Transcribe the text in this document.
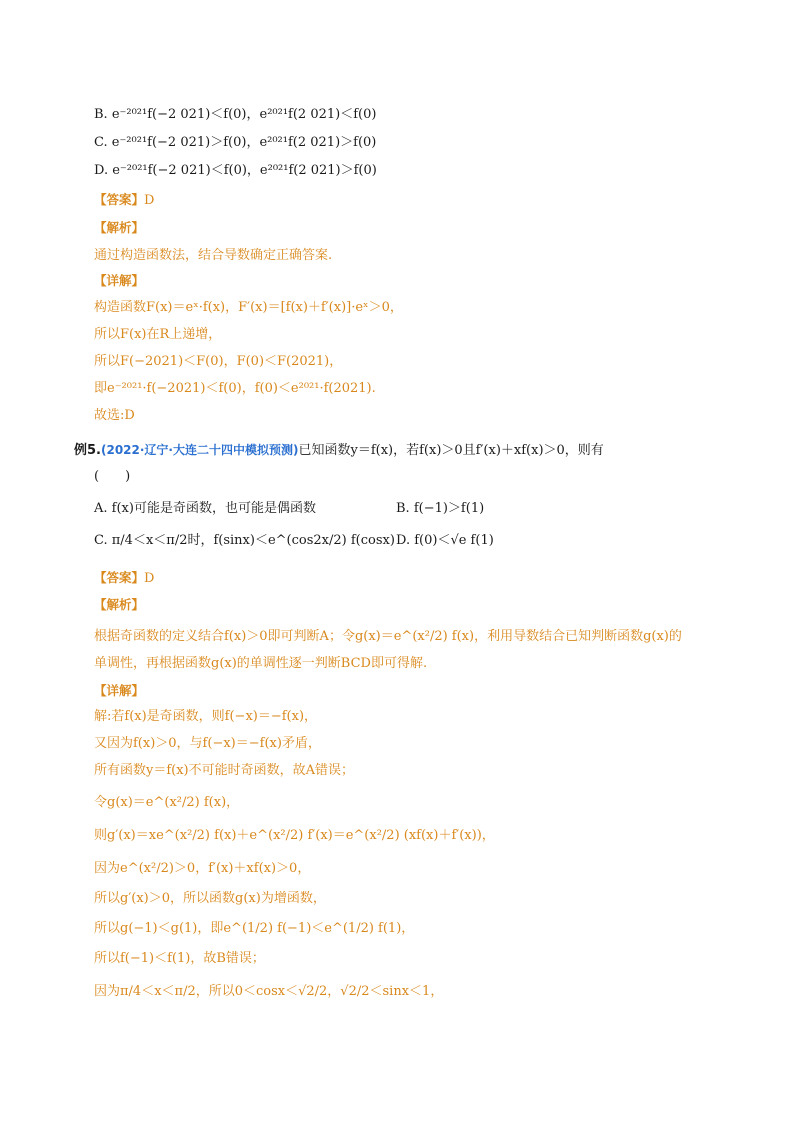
B. e⁻²⁰²¹f(−2 021)＜f(0)，e²⁰²¹f(2 021)＜f(0)
C. e⁻²⁰²¹f(−2 021)＞f(0)，e²⁰²¹f(2 021)＞f(0)
D. e⁻²⁰²¹f(−2 021)＜f(0)，e²⁰²¹f(2 021)＞f(0)
【答案】D
【解析】
通过构造函数法，结合导数确定正确答案.
【详解】
构造函数F(x)＝eˣ·f(x)，F′(x)＝[f(x)＋f′(x)]·eˣ＞0，
所以F(x)在R上递增，
所以F(−2021)＜F(0)，F(0)＜F(2021)，
即e⁻²⁰²¹·f(−2021)＜f(0)，f(0)＜e²⁰²¹·f(2021).
故选:D
例5.(2022·辽宁·大连二十四中模拟预测)已知函数y＝f(x)，若f(x)＞0且f′(x)＋xf(x)＞0，则有
(　　)
A. f(x)可能是奇函数，也可能是偶函数	B. f(−1)＞f(1)
C. π/4＜x＜π/2时，f(sinx)＜e^(cos2x/2) f(cosx) D. f(0)＜√e f(1)
【答案】D
【解析】
根据奇函数的定义结合f(x)＞0即可判断A；令g(x)＝e^(x²/2) f(x)，利用导数结合已知判断函数g(x)的
单调性，再根据函数g(x)的单调性逐一判断BCD即可得解.
【详解】
解:若f(x)是奇函数，则f(−x)＝−f(x)，
又因为f(x)＞0，与f(−x)＝−f(x)矛盾，
所有函数y＝f(x)不可能时奇函数，故A错误；
令g(x)＝e^(x²/2) f(x)，
则g′(x)＝xe^(x²/2) f(x)＋e^(x²/2) f′(x)＝e^(x²/2) (xf(x)＋f′(x))，
因为e^(x²/2)＞0，f′(x)＋xf(x)＞0，
所以g′(x)＞0，所以函数g(x)为增函数，
所以g(−1)＜g(1)，即e^(1/2) f(−1)＜e^(1/2) f(1)，
所以f(−1)＜f(1)，故B错误；
因为π/4＜x＜π/2，所以0＜cosx＜√2/2，√2/2＜sinx＜1，
